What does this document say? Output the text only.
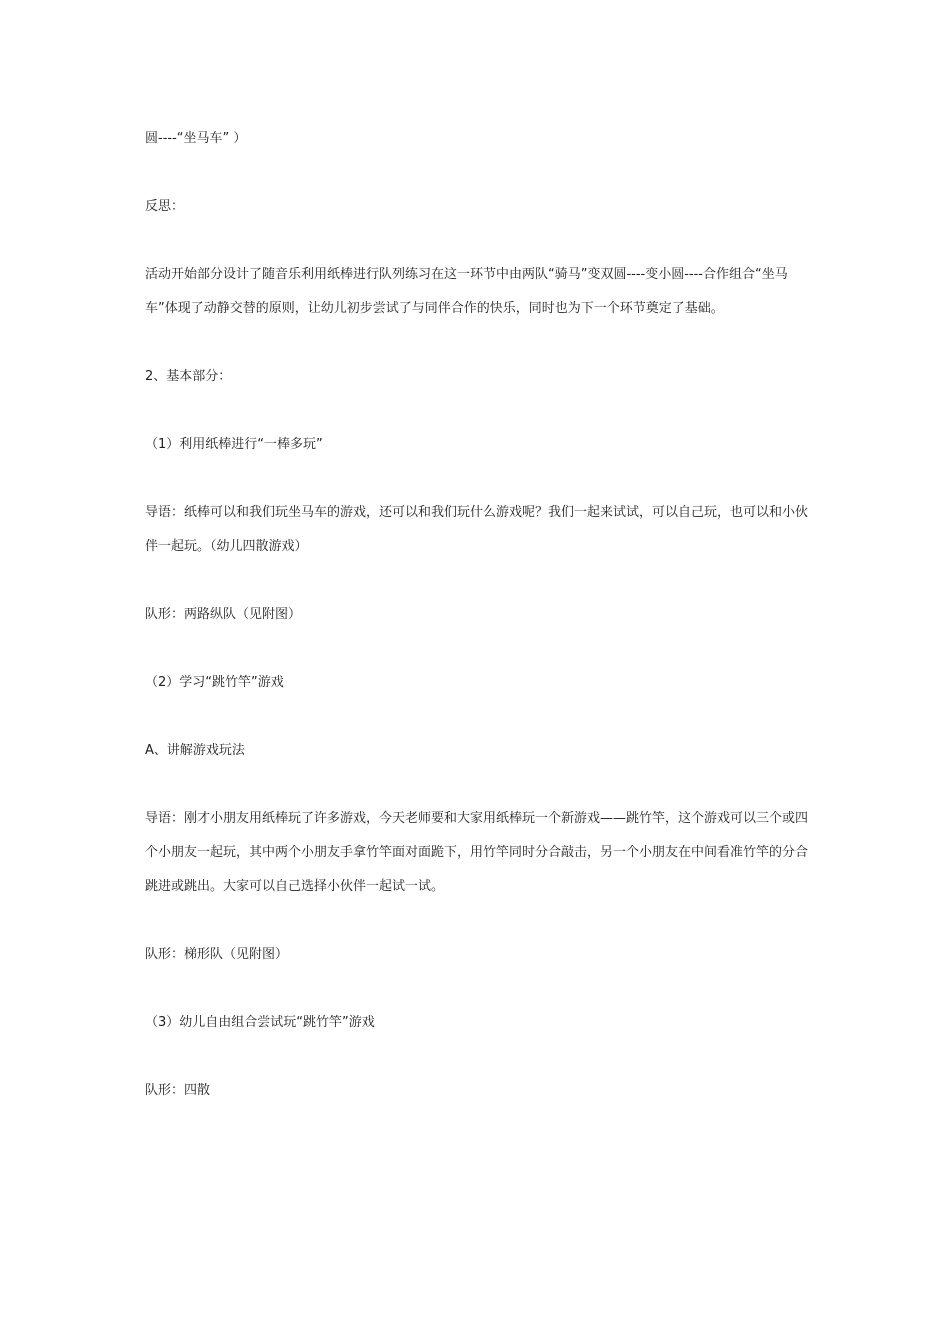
圆----“坐马车” ）

反思：

活动开始部分设计了随音乐利用纸棒进行队列练习在这一环节中由两队“骑马”变双圆----变小圆----合作组合“坐马车”体现了动静交替的原则，让幼儿初步尝试了与同伴合作的快乐，同时也为下一个环节奠定了基础。

2、基本部分：

（1）利用纸棒进行“一棒多玩”

导语：纸棒可以和我们玩坐马车的游戏，还可以和我们玩什么游戏呢？我们一起来试试，可以自己玩，也可以和小伙伴一起玩。（幼儿四散游戏）

队形：两路纵队（见附图）

（2）学习“跳竹竿”游戏

A、讲解游戏玩法

导语：刚才小朋友用纸棒玩了许多游戏，今天老师要和大家用纸棒玩一个新游戏——跳竹竿，这个游戏可以三个或四个小朋友一起玩，其中两个小朋友手拿竹竿面对面跪下，用竹竿同时分合敲击，另一个小朋友在中间看准竹竿的分合跳进或跳出。大家可以自己选择小伙伴一起试一试。

队形：梯形队（见附图）

（3）幼儿自由组合尝试玩“跳竹竿”游戏

队形：四散
